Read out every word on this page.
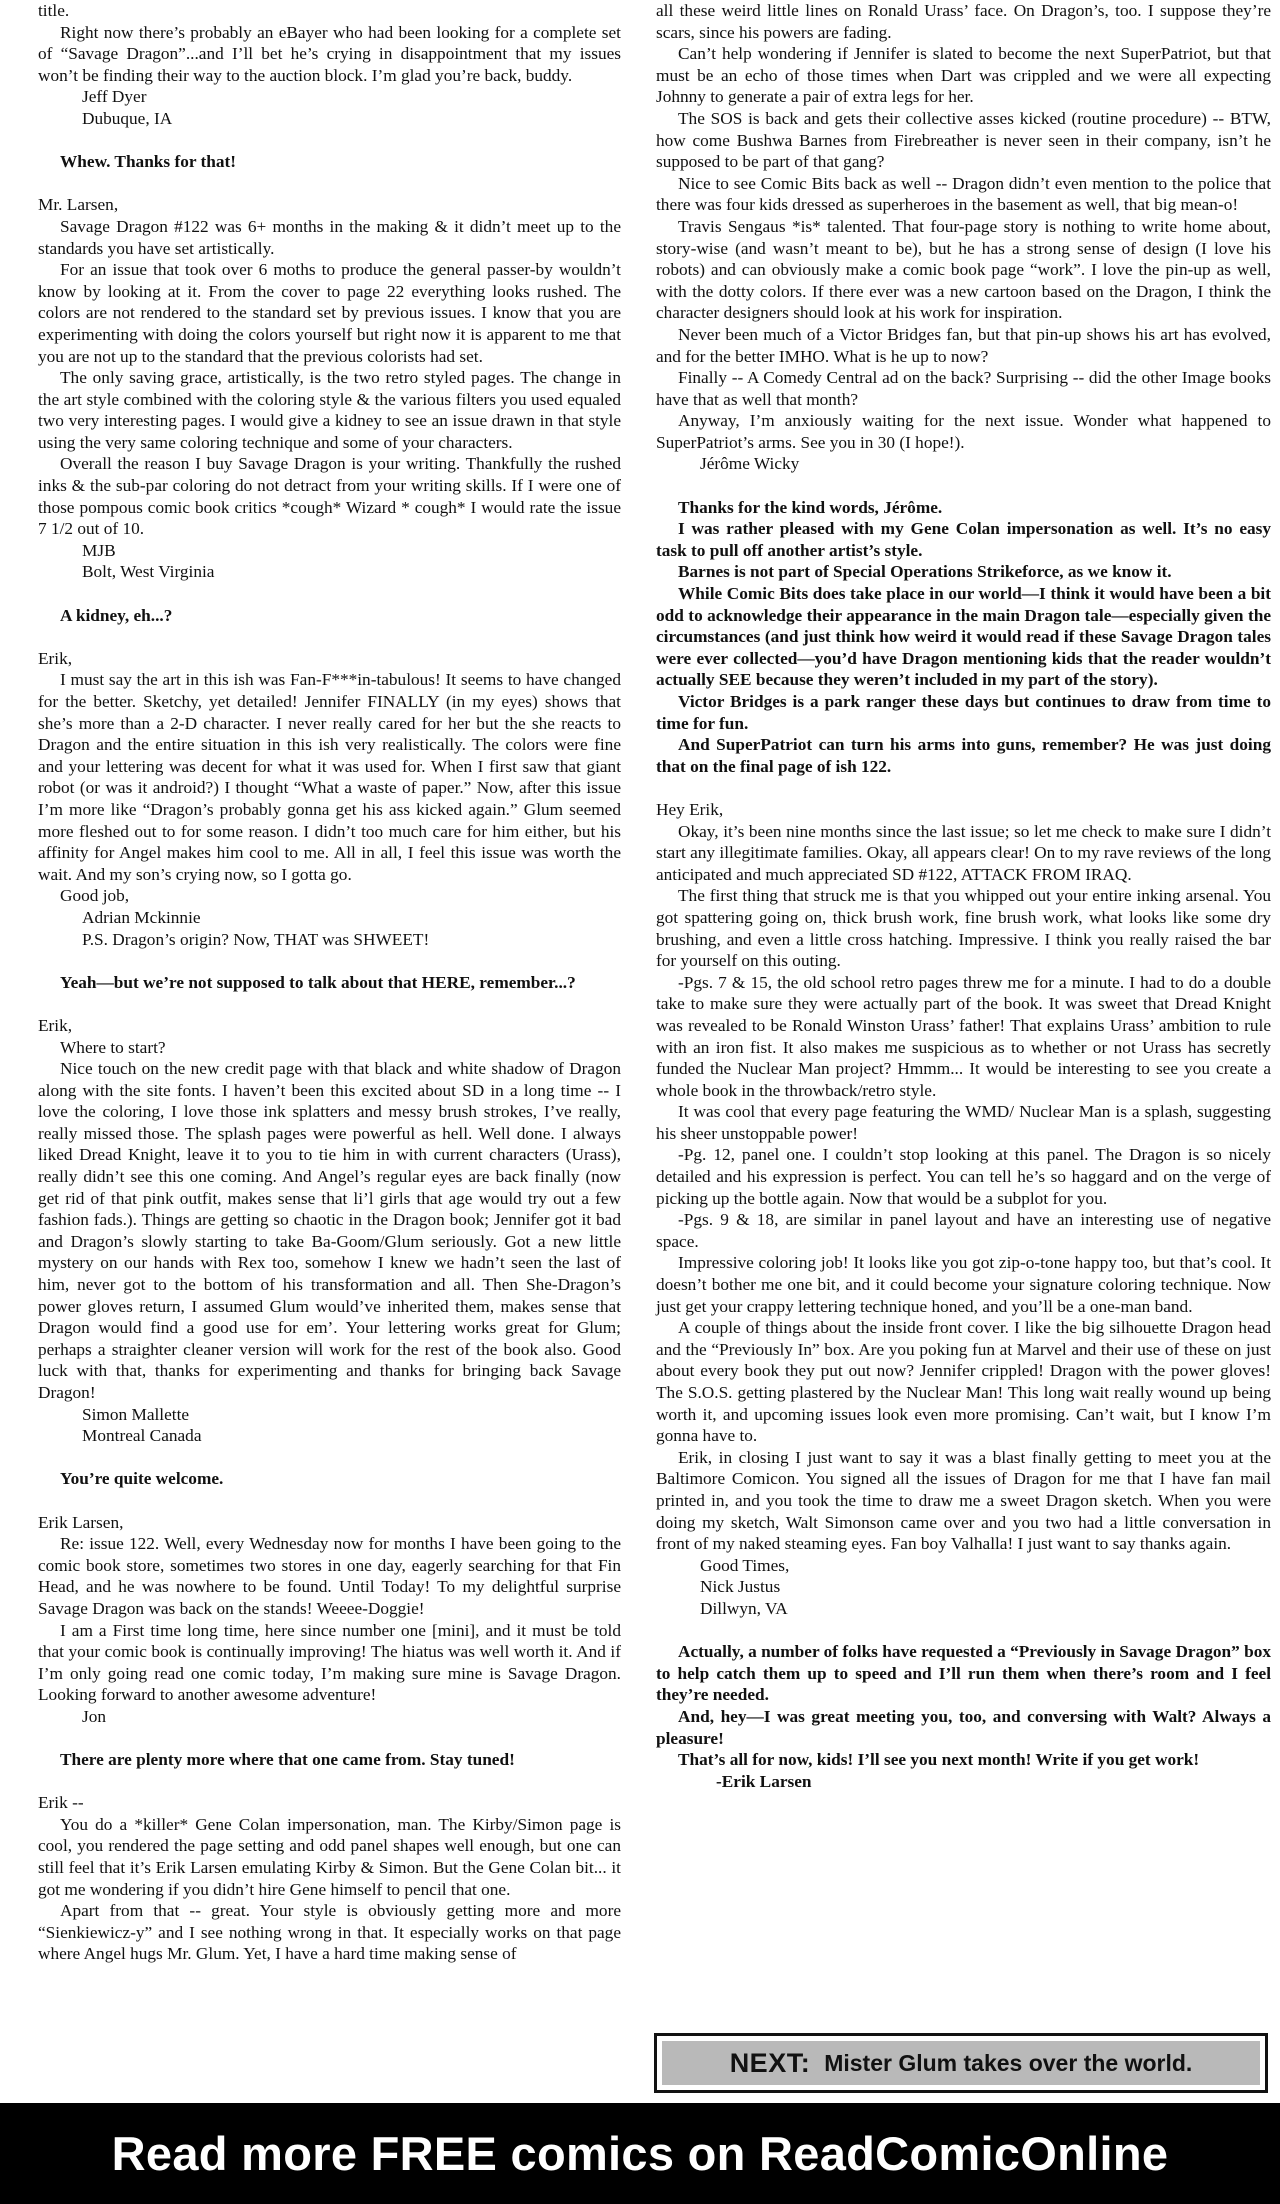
title.

Right now there’s probably an eBayer who had been looking for a complete set of “Savage Dragon”...and I’ll bet he’s crying in disappointment that my issues won’t be finding their way to the auction block. I’m glad you’re back, buddy.

Jeff Dyer

Dubuque, IA

Whew. Thanks for that!

Mr. Larsen,

Savage Dragon #122 was 6+ months in the making & it didn’t meet up to the standards you have set artistically.

For an issue that took over 6 moths to produce the general passer-by wouldn’t know by looking at it. From the cover to page 22 everything looks rushed. The colors are not rendered to the standard set by previous issues. I know that you are experimenting with doing the colors yourself but right now it is apparent to me that you are not up to the standard that the previous colorists had set.

The only saving grace, artistically, is the two retro styled pages. The change in the art style combined with the coloring style & the various filters you used equaled two very interesting pages. I would give a kidney to see an issue drawn in that style using the very same coloring technique and some of your characters.

Overall the reason I buy Savage Dragon is your writing. Thankfully the rushed inks & the sub-par coloring do not detract from your writing skills. If I were one of those pompous comic book critics *cough* Wizard * cough* I would rate the issue 7 1/2 out of 10.

MJB

Bolt, West Virginia

A kidney, eh...?

Erik,

I must say the art in this ish was Fan-F***in-tabulous! It seems to have changed for the better. Sketchy, yet detailed! Jennifer FINALLY (in my eyes) shows that she’s more than a 2-D character. I never really cared for her but the she reacts to Dragon and the entire situation in this ish very realistically. The colors were fine and your lettering was decent for what it was used for. When I first saw that giant robot (or was it android?) I thought “What a waste of paper.” Now, after this issue I’m more like “Dragon’s probably gonna get his ass kicked again.” Glum seemed more fleshed out to for some reason. I didn’t too much care for him either, but his affinity for Angel makes him cool to me. All in all, I feel this issue was worth the wait. And my son’s crying now, so I gotta go.

Good job,

Adrian Mckinnie

P.S. Dragon’s origin? Now, THAT was SHWEET!

Yeah—but we’re not supposed to talk about that HERE, remember...?

Erik,

Where to start?

Nice touch on the new credit page with that black and white shadow of Dragon along with the site fonts. I haven’t been this excited about SD in a long time -- I love the coloring, I love those ink splatters and messy brush strokes, I’ve really, really missed those. The splash pages were powerful as hell. Well done. I always liked Dread Knight, leave it to you to tie him in with current characters (Urass), really didn’t see this one coming. And Angel’s regular eyes are back finally (now get rid of that pink outfit, makes sense that li’l girls that age would try out a few fashion fads.). Things are getting so chaotic in the Dragon book; Jennifer got it bad and Dragon’s slowly starting to take Ba-Goom/Glum seriously. Got a new little mystery on our hands with Rex too, somehow I knew we hadn’t seen the last of him, never got to the bottom of his transformation and all. Then She-Dragon’s power gloves return, I assumed Glum would’ve inherited them, makes sense that Dragon would find a good use for em’. Your lettering works great for Glum; perhaps a straighter cleaner version will work for the rest of the book also. Good luck with that, thanks for experimenting and thanks for bringing back Savage Dragon!

Simon Mallette

Montreal Canada

You’re quite welcome.

Erik Larsen,

Re: issue 122. Well, every Wednesday now for months I have been going to the comic book store, sometimes two stores in one day, eagerly searching for that Fin Head, and he was nowhere to be found. Until Today! To my delightful surprise Savage Dragon was back on the stands! Weeee-Doggie!

I am a First time long time, here since number one [mini], and it must be told that your comic book is continually improving! The hiatus was well worth it. And if I’m only going read one comic today, I’m making sure mine is Savage Dragon. Looking forward to another awesome adventure!

Jon

There are plenty more where that one came from. Stay tuned!

Erik --

You do a *killer* Gene Colan impersonation, man. The Kirby/Simon page is cool, you rendered the page setting and odd panel shapes well enough, but one can still feel that it’s Erik Larsen emulating Kirby & Simon. But the Gene Colan bit... it got me wondering if you didn’t hire Gene himself to pencil that one.

Apart from that -- great. Your style is obviously getting more and more “Sienkiewicz-y” and I see nothing wrong in that. It especially works on that page where Angel hugs Mr. Glum. Yet, I have a hard time making sense of

all these weird little lines on Ronald Urass’ face. On Dragon’s, too. I suppose they’re scars, since his powers are fading.

Can’t help wondering if Jennifer is slated to become the next SuperPatriot, but that must be an echo of those times when Dart was crippled and we were all expecting Johnny to generate a pair of extra legs for her.

The SOS is back and gets their collective asses kicked (routine procedure) -- BTW, how come Bushwa Barnes from Firebreather is never seen in their company, isn’t he supposed to be part of that gang?

Nice to see Comic Bits back as well -- Dragon didn’t even mention to the police that there was four kids dressed as superheroes in the basement as well, that big mean-o!

Travis Sengaus *is* talented. That four-page story is nothing to write home about, story-wise (and wasn’t meant to be), but he has a strong sense of design (I love his robots) and can obviously make a comic book page “work”. I love the pin-up as well, with the dotty colors. If there ever was a new cartoon based on the Dragon, I think the character designers should look at his work for inspiration.

Never been much of a Victor Bridges fan, but that pin-up shows his art has evolved, and for the better IMHO. What is he up to now?

Finally -- A Comedy Central ad on the back? Surprising -- did the other Image books have that as well that month?

Anyway, I’m anxiously waiting for the next issue. Wonder what happened to SuperPatriot’s arms. See you in 30 (I hope!).

Jérôme Wicky

Thanks for the kind words, Jérôme.

I was rather pleased with my Gene Colan impersonation as well. It’s no easy task to pull off another artist’s style.

Barnes is not part of Special Operations Strikeforce, as we know it.

While Comic Bits does take place in our world—I think it would have been a bit odd to acknowledge their appearance in the main Dragon tale—especially given the circumstances (and just think how weird it would read if these Savage Dragon tales were ever collected—you’d have Dragon mentioning kids that the reader wouldn’t actually SEE because they weren’t included in my part of the story).

Victor Bridges is a park ranger these days but continues to draw from time to time for fun.

And SuperPatriot can turn his arms into guns, remember? He was just doing that on the final page of ish 122.

Hey Erik,

Okay, it’s been nine months since the last issue; so let me check to make sure I didn’t start any illegitimate families. Okay, all appears clear! On to my rave reviews of the long anticipated and much appreciated SD #122, ATTACK FROM IRAQ.

The first thing that struck me is that you whipped out your entire inking arsenal. You got spattering going on, thick brush work, fine brush work, what looks like some dry brushing, and even a little cross hatching. Impressive. I think you really raised the bar for yourself on this outing.

-Pgs. 7 & 15, the old school retro pages threw me for a minute. I had to do a double take to make sure they were actually part of the book. It was sweet that Dread Knight was revealed to be Ronald Winston Urass’ father! That explains Urass’ ambition to rule with an iron fist. It also makes me suspicious as to whether or not Urass has secretly funded the Nuclear Man project? Hmmm... It would be interesting to see you create a whole book in the throwback/retro style.

It was cool that every page featuring the WMD/ Nuclear Man is a splash, suggesting his sheer unstoppable power!

-Pg. 12, panel one. I couldn’t stop looking at this panel. The Dragon is so nicely detailed and his expression is perfect. You can tell he’s so haggard and on the verge of picking up the bottle again. Now that would be a subplot for you.

-Pgs. 9 & 18, are similar in panel layout and have an interesting use of negative space.

Impressive coloring job! It looks like you got zip-o-tone happy too, but that’s cool. It doesn’t bother me one bit, and it could become your signature coloring technique. Now just get your crappy lettering technique honed, and you’ll be a one-man band.

A couple of things about the inside front cover. I like the big silhouette Dragon head and the “Previously In” box. Are you poking fun at Marvel and their use of these on just about every book they put out now? Jennifer crippled! Dragon with the power gloves! The S.O.S. getting plastered by the Nuclear Man! This long wait really wound up being worth it, and upcoming issues look even more promising. Can’t wait, but I know I’m gonna have to.

Erik, in closing I just want to say it was a blast finally getting to meet you at the Baltimore Comicon. You signed all the issues of Dragon for me that I have fan mail printed in, and you took the time to draw me a sweet Dragon sketch. When you were doing my sketch, Walt Simonson came over and you two had a little conversation in front of my naked steaming eyes. Fan boy Valhalla! I just want to say thanks again.

Good Times,

Nick Justus

Dillwyn, VA

Actually, a number of folks have requested a “Previously in Savage Dragon” box to help catch them up to speed and I’ll run them when there’s room and I feel they’re needed.

And, hey—I was great meeting you, too, and conversing with Walt? Always a pleasure!

That’s all for now, kids! I’ll see you next month! Write if you get work!

-Erik Larsen

NEXT: Mister Glum takes over the world.
Read more FREE comics on ReadComicOnline
